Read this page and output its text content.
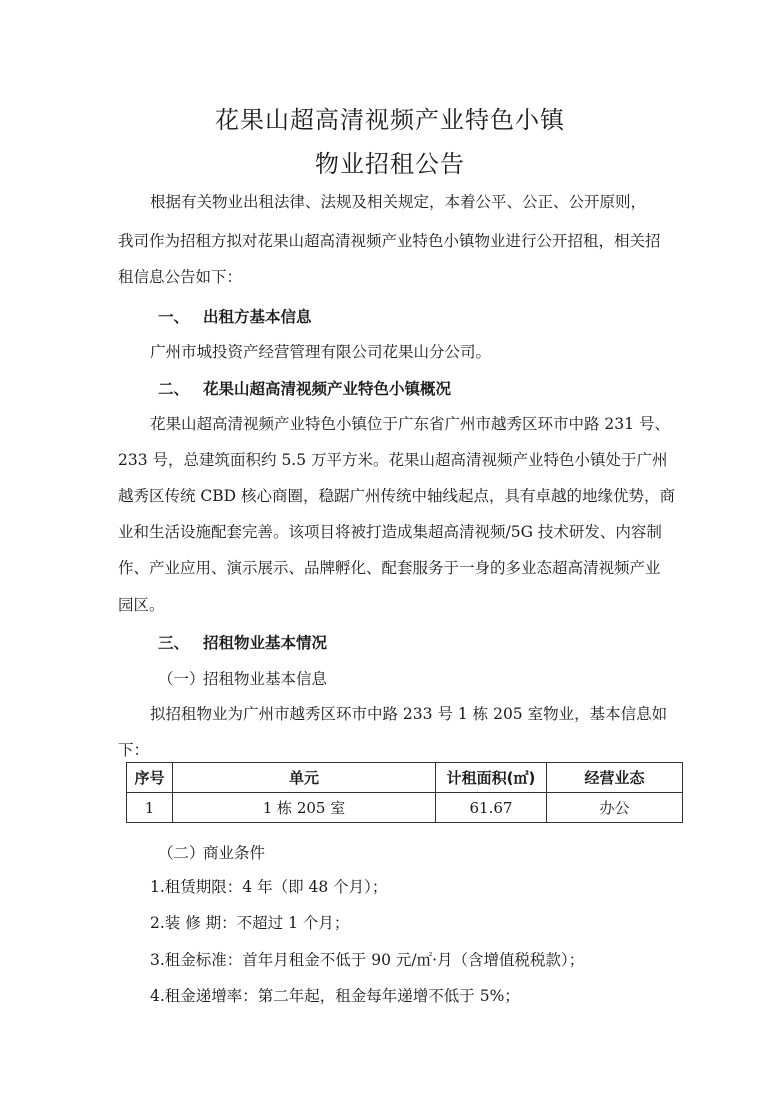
花果山超高清视频产业特色小镇
物业招租公告
根据有关物业出租法律、法规及相关规定，本着公平、公正、公开原则，
我司作为招租方拟对花果山超高清视频产业特色小镇物业进行公开招租，相关招
租信息公告如下：
一、 出租方基本信息
广州市城投资产经营管理有限公司花果山分公司。
二、 花果山超高清视频产业特色小镇概况
花果山超高清视频产业特色小镇位于广东省广州市越秀区环市中路 231 号、
233 号，总建筑面积约 5.5 万平方米。花果山超高清视频产业特色小镇处于广州
越秀区传统 CBD 核心商圈，稳踞广州传统中轴线起点，具有卓越的地缘优势，商
业和生活设施配套完善。该项目将被打造成集超高清视频/5G 技术研发、内容制
作、产业应用、演示展示、品牌孵化、配套服务于一身的多业态超高清视频产业
园区。
三、 招租物业基本情况
（一）招租物业基本信息
拟招租物业为广州市越秀区环市中路 233 号 1 栋 205 室物业，基本信息如
下：
序号	单元	计租面积(㎡)	经营业态
1	1 栋 205 室	61.67	办公
（二）商业条件
1.租赁期限：4 年（即 48 个月）；
2.装 修 期：不超过 1 个月；
3.租金标准：首年月租金不低于 90 元/㎡·月（含增值税税款）；
4.租金递增率：第二年起，租金每年递增不低于 5%；
